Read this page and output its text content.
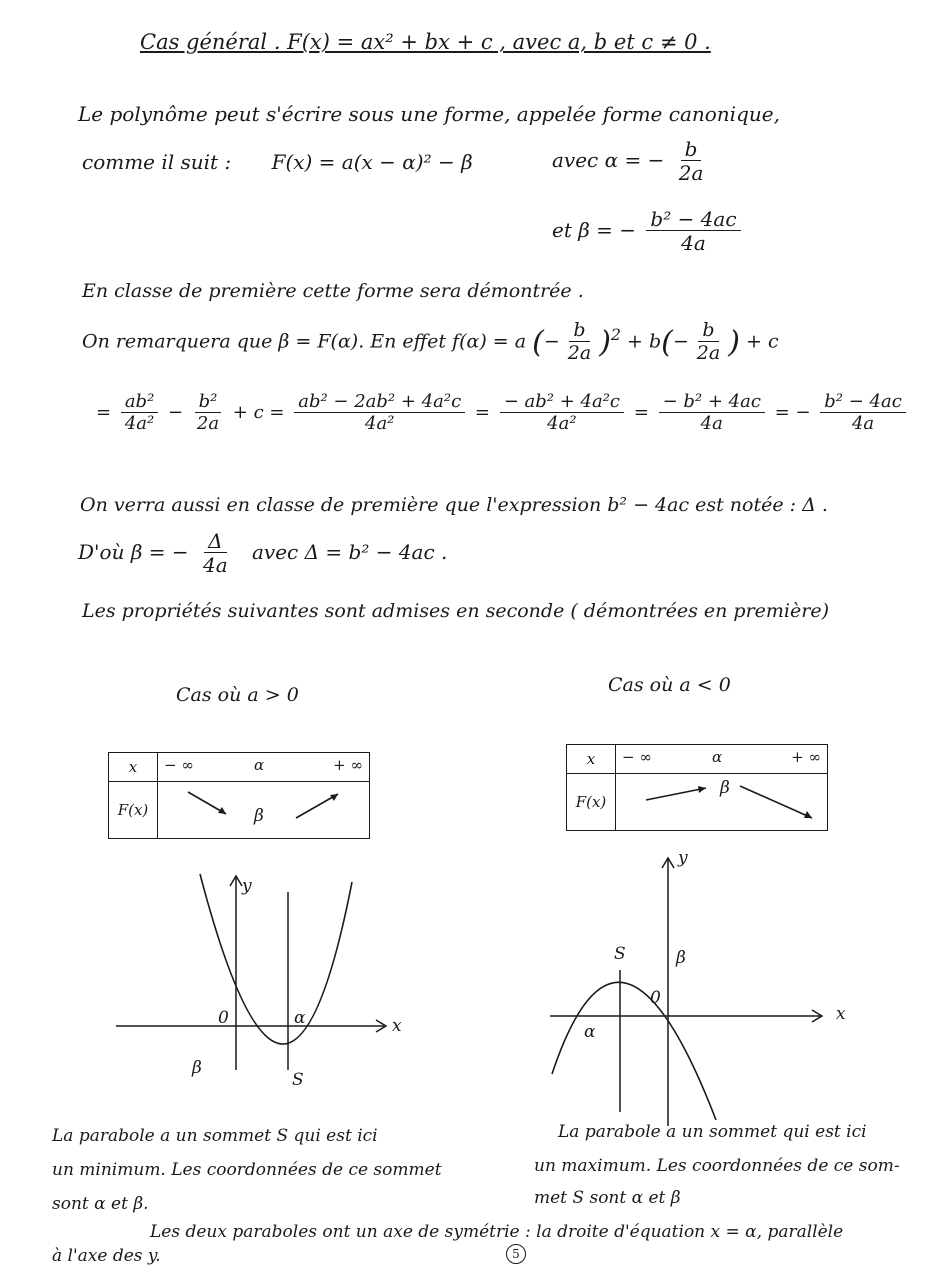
Cas général . F(x) = ax² + bx + c , avec a, b et c ≠ 0 .
Le polynôme peut s'écrire sous une forme, appelée forme canonique,
comme il suit : F(x) = a(x − α)² − β	avec α = − $\frac{b}{2a}$
et β = − $\frac{\text{b² − 4ac}}{4a}$
En classe de première cette forme sera démontrée .
On remarquera que β = F(α). En effet f(α) = a (− $\frac{b}{2a} )^2 + b(- \frac{b}{2a}$ ) + c
= $\frac{\text{ab²}}{\text{4a²}} - \frac{\text{b²}}{2a} + c = \frac{\text{ab² − 2ab² + 4a²c}}{\text{4a²}} = \frac{\text{− ab² + 4a²c}}{\text{4a²}} = \frac{\text{− b² + 4ac}}{4a}$ = − $\frac{\text{b² − 4ac}}{4a}$
On verra aussi en classe de première que l'expression b² − 4ac est notée : Δ .
D'où β = − $\frac{\Delta}{4a}$ avec Δ = b² − 4ac .
Les propriétés suivantes sont admises en seconde ( démontrées en première)
Cas où a > 0
x	− ∞ α + ∞

F(x)	β
y
x
0	α
β
S
Cas où a < 0
x	− ∞ α + ∞

F(x)	β
y
x
0
α
β
S
La parabole a un sommet S qui est ici
un minimum. Les coordonnées de ce sommet
sont α et β.
La parabole a un sommet qui est ici
un maximum. Les coordonnées de ce som-
met S sont α et β
Les deux paraboles ont un axe de symétrie : la droite d'équation x = α, parallèle
à l'axe des y.	5
